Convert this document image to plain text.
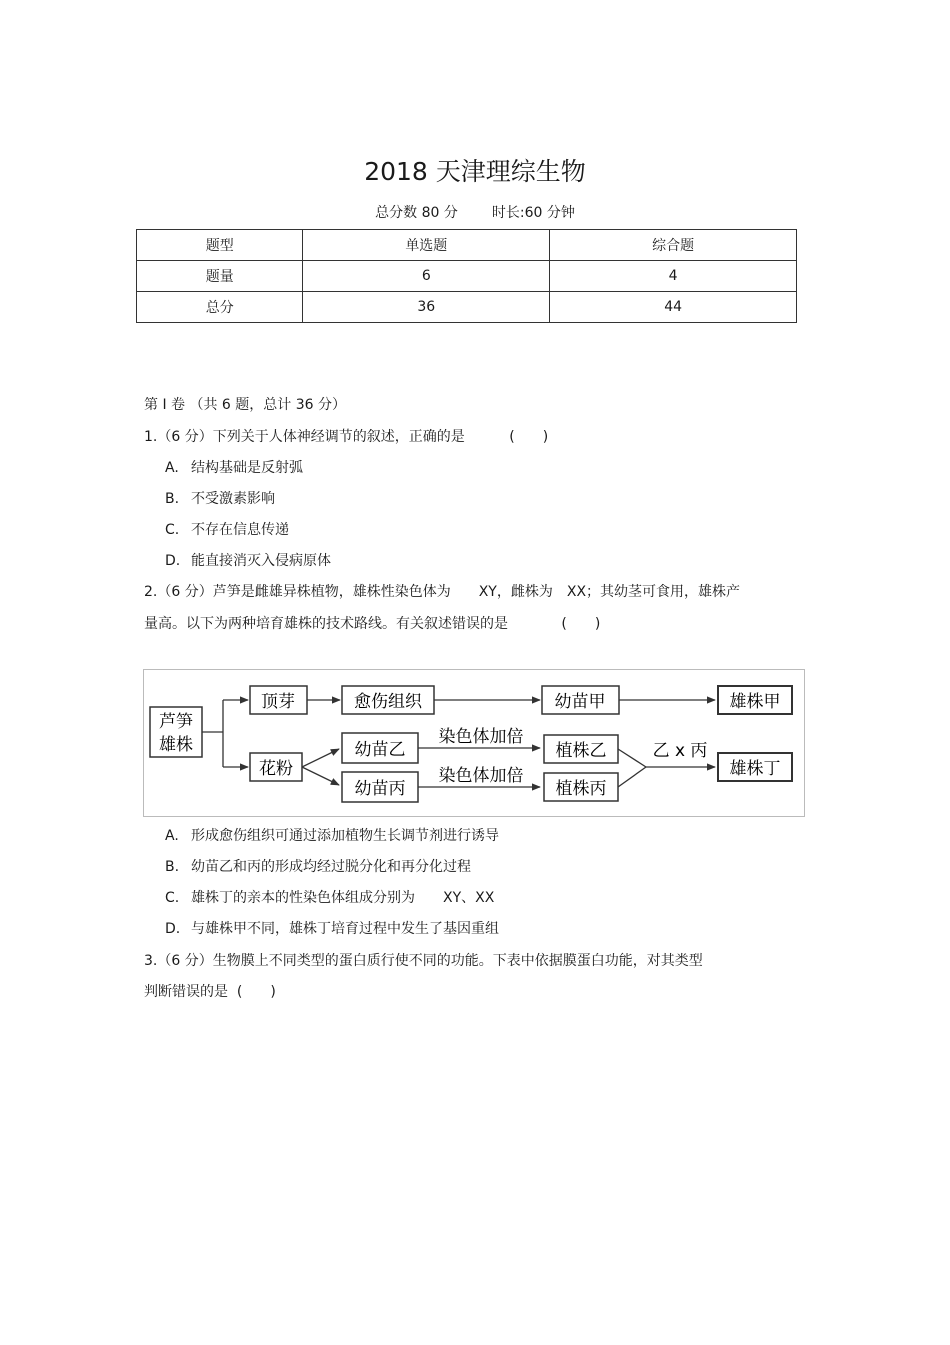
2018 天津理综生物
总分数 80 分 时长:60 分钟
题型	单选题	综合题
题量	6	4
总分	36	44
第 I 卷 （共 6 题，总计 36 分）
1.（6 分）下列关于人体神经调节的叙述，正确的是	(　　)
A. 结构基础是反射弧
B. 不受激素影响
C. 不存在信息传递
D. 能直接消灭入侵病原体
2.（6 分）芦笋是雌雄异株植物，雄株性染色体为　　XY，雌株为　XX；其幼茎可食用，雄株产
量高。以下为两种培育雄株的技术路线。有关叙述错误的是	(　　)
芦笋
雄株
顶芽	愈伤组织	幼苗甲	雄株甲
花粉
幼苗乙
幼苗丙
染色体加倍
染色体加倍
植株乙
植株丙
乙 x 丙
雄株丁
A. 形成愈伤组织可通过添加植物生长调节剂进行诱导
B. 幼苗乙和丙的形成均经过脱分化和再分化过程
C. 雄株丁的亲本的性染色体组成分别为　　XY、XX
D. 与雄株甲不同，雄株丁培育过程中发生了基因重组
3.（6 分）生物膜上不同类型的蛋白质行使不同的功能。下表中依据膜蛋白功能，对其类型
判断错误的是 (　　)
